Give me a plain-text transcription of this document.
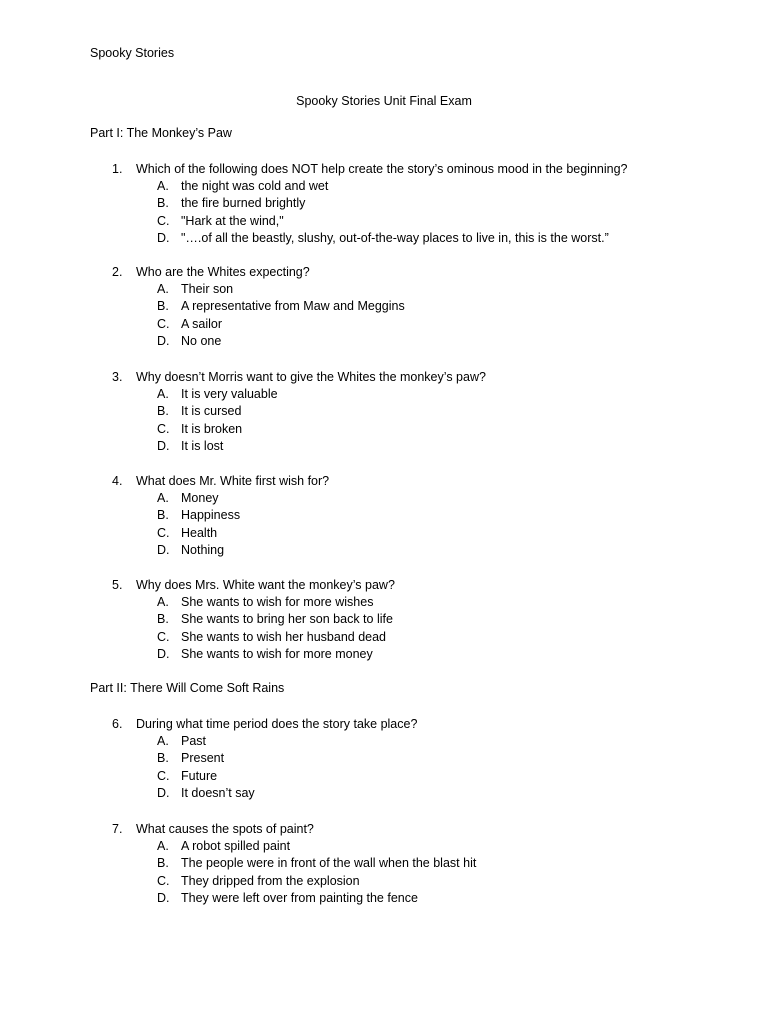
Spooky Stories
Spooky Stories Unit Final Exam
Part I: The Monkey’s Paw
1. Which of the following does NOT help create the story’s ominous mood in the beginning?
A. the night was cold and wet
B. the fire burned brightly
C. "Hark at the wind,"
D. "….of all the beastly, slushy, out-of-the-way places to live in, this is the worst.”
2. Who are the Whites expecting?
A. Their son
B. A representative from Maw and Meggins
C. A sailor
D. No one
3. Why doesn’t Morris want to give the Whites the monkey’s paw?
A. It is very valuable
B. It is cursed
C. It is broken
D. It is lost
4. What does Mr. White first wish for?
A. Money
B. Happiness
C. Health
D. Nothing
5. Why does Mrs. White want the monkey’s paw?
A. She wants to wish for more wishes
B. She wants to bring her son back to life
C. She wants to wish her husband dead
D. She wants to wish for more money
Part II: There Will Come Soft Rains
6. During what time period does the story take place?
A. Past
B. Present
C. Future
D. It doesn’t say
7. What causes the spots of paint?
A. A robot spilled paint
B. The people were in front of the wall when the blast hit
C. They dripped from the explosion
D. They were left over from painting the fence
